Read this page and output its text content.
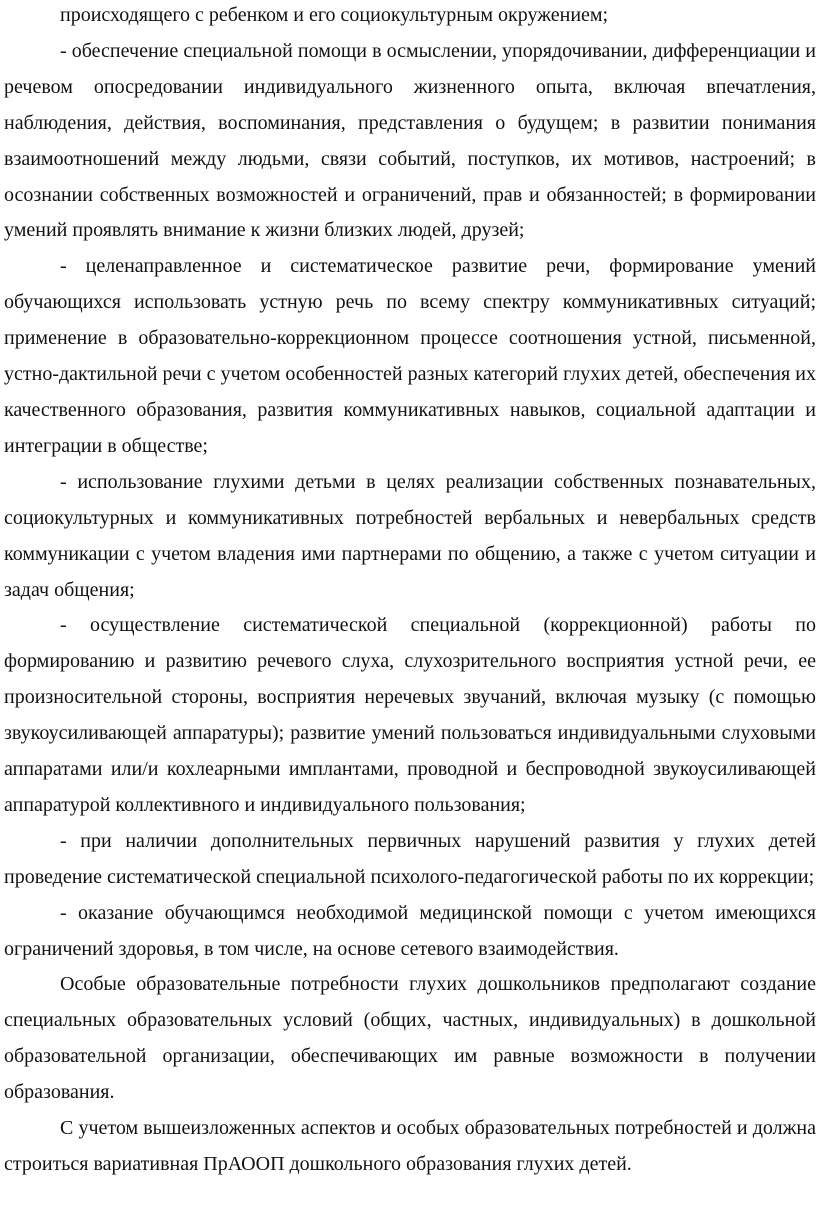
происходящего с ребенком и его социокультурным окружением;

- обеспечение специальной помощи в осмыслении, упорядочивании, дифференциации и речевом опосредовании индивидуального жизненного опыта, включая впечатления, наблюдения, действия, воспоминания, представления о будущем; в развитии понимания взаимоотношений между людьми, связи событий, поступков, их мотивов, настроений; в осознании собственных возможностей и ограничений, прав и обязанностей; в формировании умений проявлять внимание к жизни близких людей, друзей;

- целенаправленное и систематическое развитие речи, формирование умений обучающихся использовать устную речь по всему спектру коммуникативных ситуаций; применение в образовательно-коррекционном процессе соотношения устной, письменной, устно-дактильной речи с учетом особенностей разных категорий глухих детей, обеспечения их качественного образования, развития коммуникативных навыков, социальной адаптации и интеграции в обществе;

- использование глухими детьми в целях реализации собственных познавательных, социокультурных и коммуникативных потребностей вербальных и невербальных средств коммуникации с учетом владения ими партнерами по общению, а также с учетом ситуации и задач общения;

- осуществление систематической специальной (коррекционной) работы по формированию и развитию речевого слуха, слухозрительного восприятия устной речи, ее произносительной стороны, восприятия неречевых звучаний, включая музыку (с помощью звукоусиливающей аппаратуры); развитие умений пользоваться индивидуальными слуховыми аппаратами или/и кохлеарными имплантами, проводной и беспроводной звукоусиливающей аппаратурой коллективного и индивидуального пользования;

- при наличии дополнительных первичных нарушений развития у глухих детей проведение систематической специальной психолого-педагогической работы по их коррекции;

- оказание обучающимся необходимой медицинской помощи с учетом имеющихся ограничений здоровья, в том числе, на основе сетевого взаимодействия.

Особые образовательные потребности глухих дошкольников предполагают создание специальных образовательных условий (общих, частных, индивидуальных) в дошкольной образовательной организации, обеспечивающих им равные возможности в получении образования.

С учетом вышеизложенных аспектов и особых образовательных потребностей и должна строиться вариативная ПрАООП дошкольного образования глухих детей.
